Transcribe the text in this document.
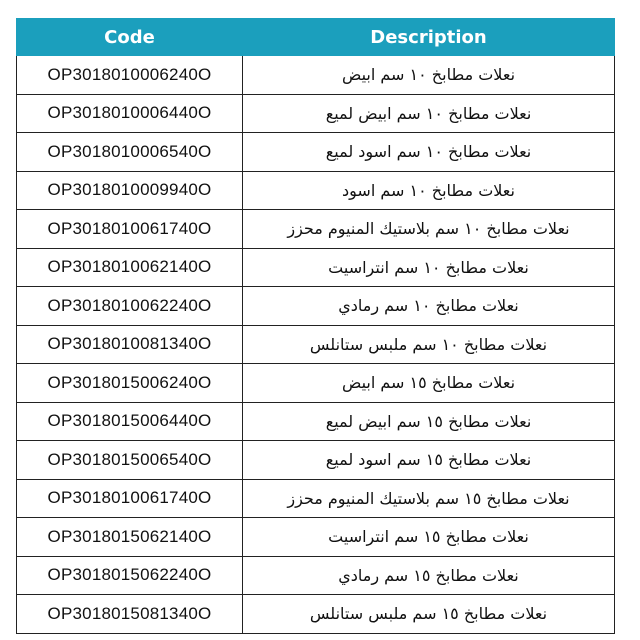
Code	Description
OP3018010006240O	نعلات مطابخ ١٠ سم ابيض
OP3018010006440O	نعلات مطابخ ١٠ سم ابيض لميع
OP3018010006540O	نعلات مطابخ ١٠ سم اسود لميع
OP3018010009940O	نعلات مطابخ ١٠ سم اسود
OP3018010061740O	نعلات مطابخ ١٠ سم بلاستيك المنيوم محزز
OP3018010062140O	نعلات مطابخ ١٠ سم انتراسيت
OP3018010062240O	نعلات مطابخ ١٠ سم رمادي
OP3018010081340O	نعلات مطابخ ١٠ سم ملبس ستانلس
OP3018015006240O	نعلات مطابخ ١٥ سم ابيض
OP3018015006440O	نعلات مطابخ ١٥ سم ابيض لميع
OP3018015006540O	نعلات مطابخ ١٥ سم اسود لميع
OP3018010061740O	نعلات مطابخ ١٥ سم بلاستيك المنيوم محزز
OP3018015062140O	نعلات مطابخ ١٥ سم انتراسيت
OP3018015062240O	نعلات مطابخ ١٥ سم رمادي
OP3018015081340O	نعلات مطابخ ١٥ سم ملبس ستانلس
